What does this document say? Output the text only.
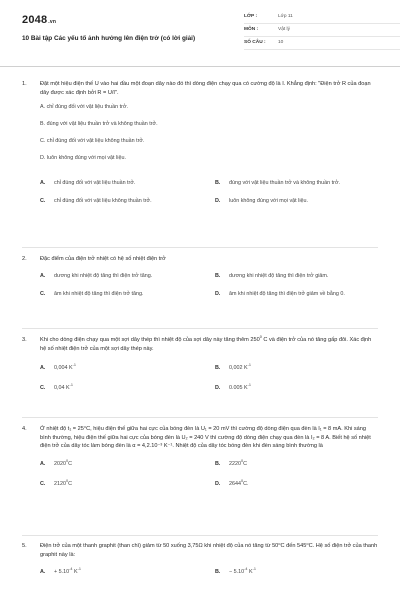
2048.vn
10 Bài tập Các yếu tố ảnh hưởng lên điện trở (có lời giải)
LỚP :	Lớp 11
MÔN :	Vật lý
SỐ CÂU :	10
1.	Đặt một hiệu điện thế U vào hai đầu một đoạn dây nào đó thì dòng điện chạy qua có cường độ là I. Khẳng định: "Điện trở R của đoạn dây được xác định bởi R = U/I".
A. chỉ đúng đối với vật liệu thuần trở.
B. đúng với vật liệu thuần trở và không thuần trở.
C. chỉ đúng đối với vật liệu không thuần trở.
D. luôn không đúng với mọi vật liệu.
A.	chỉ đúng đối với vật liệu thuần trở.	B.	đúng với vật liệu thuần trở và không thuần trở.
C.	chỉ đúng đối với vật liệu không thuần trở.	D.	luôn không đúng với mọi vật liệu.
2.	Đặc điểm của điện trở nhiệt có hệ số nhiệt điện trở
A.	dương khi nhiệt độ tăng thì điện trở tăng.	B.	dương khi nhiệt độ tăng thì điện trở giảm.
C.	âm khi nhiệt độ tăng thì điện trở tăng.	D.	âm khi nhiệt độ tăng thì điện trở giảm về bằng 0.
3.	Khi cho dòng điện chạy qua một sợi dây thép thì nhiệt độ của sợi dây này tăng thêm $250^0$ C và điện trở của nó tăng gấp đôi. Xác định hệ số nhiệt điện trở của một sợi dây thép này.
A.	0,004 $K^{-1}$	B.	0,002 $K^{-1}$
C.	0,04 $K^{-1}$	D.	0.005 $K^{-1}$
4.	Ở nhiệt độ t₁ = 25°C, hiệu điện thế giữa hai cực của bóng đèn là U₁ = 20 mV thì cường độ dòng điện qua đèn là I₁ = 8 mA. Khi sáng bình thường, hiệu điện thế giữa hai cực của bóng đèn là U₂ = 240 V thì cường độ dòng điện chạy qua đèn là I₂ = 8 A. Biết hệ số nhiệt điện trở của dây tóc làm bóng đèn là α = 4,2.10⁻³ K⁻¹. Nhiệt độ của dây tóc bóng đèn khi đèn sáng bình thường là
A.	2020$^0$C	B.	2220$^0$C
C.	2120$^0$C	D.	2644$^0$C.
5.	Điện trở của một thanh graphit (than chì) giảm từ 50 xuống 3,75Ω khi nhiệt độ của nó tăng từ 50⁰C đến 545⁰C. Hệ số điện trở của thanh graphit này là:
A.	+ $5.10^{-4}$ $K^{-1}$	B.	− $5.10^{-4}$ $K^{-1}$
